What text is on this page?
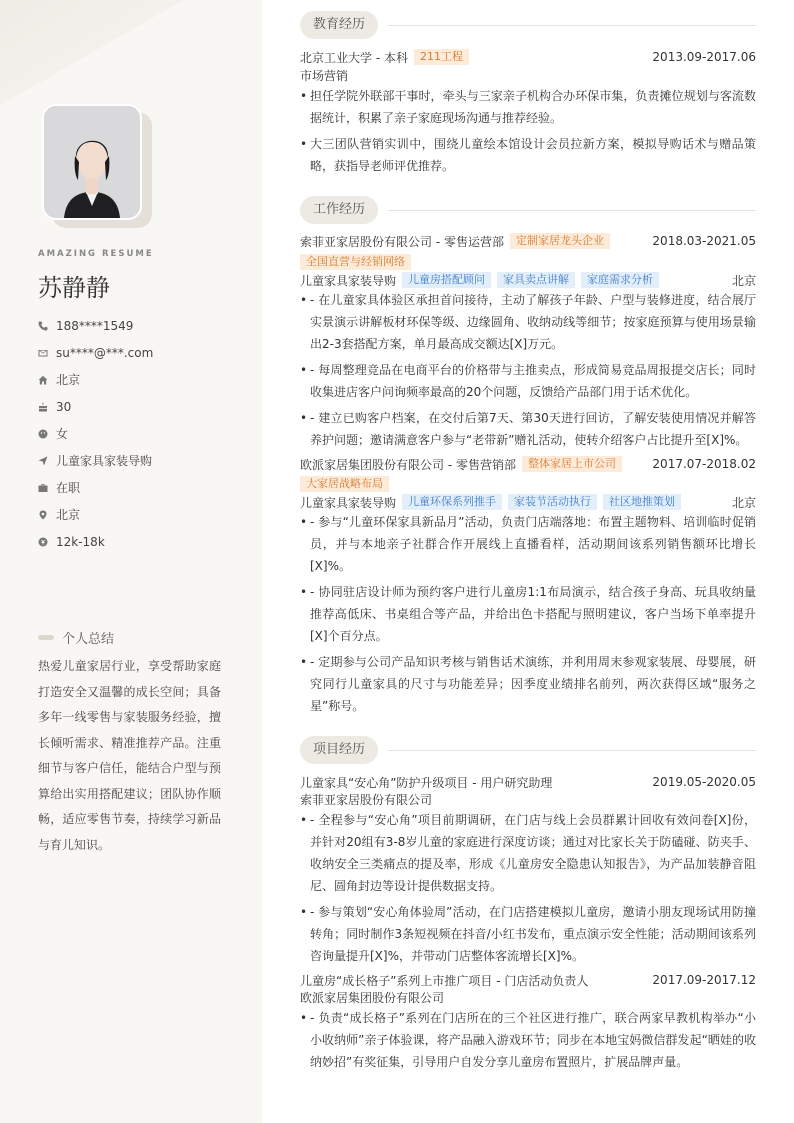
AMAZING RESUME
苏静静
188****1549
su****@***.com
北京
30
女
儿童家具家装导购
在职
北京
12k-18k
个人总结
热爱儿童家居行业，享受帮助家庭打造安全又温馨的成长空间；具备多年一线零售与家装服务经验，擅长倾听需求、精准推荐产品。注重细节与客户信任，能结合户型与预算给出实用搭配建议；团队协作顺畅，适应零售节奏，持续学习新品与育儿知识。
教育经历
北京工业大学 - 本科	211工程	2013.09-2017.06
市场营销
• 担任学院外联部干事时，牵头与三家亲子机构合办环保市集，负责摊位规划与客流数据统计，积累了亲子家庭现场沟通与推荐经验。
• 大三团队营销实训中，围绕儿童绘本馆设计会员拉新方案，模拟导购话术与赠品策略，获指导老师评优推荐。
工作经历
索菲亚家居股份有限公司 - 零售运营部	定制家居龙头企业	2018.03-2021.05
全国直营与经销网络
儿童家具家装导购	儿童房搭配顾问	家具卖点讲解	家庭需求分析	北京
• - 在儿童家具体验区承担首问接待，主动了解孩子年龄、户型与装修进度，结合展厅实景演示讲解板材环保等级、边缘圆角、收纳动线等细节；按家庭预算与使用场景输出2-3套搭配方案，单月最高成交额达[X]万元。
• - 每周整理竞品在电商平台的价格带与主推卖点，形成简易竞品周报提交店长；同时收集进店客户问询频率最高的20个问题，反馈给产品部门用于话术优化。
• - 建立已购客户档案，在交付后第7天、第30天进行回访，了解安装使用情况并解答养护问题；邀请满意客户参与“老带新”赠礼活动，使转介绍客户占比提升至[X]%。
欧派家居集团股份有限公司 - 零售营销部	整体家居上市公司	2017.07-2018.02
大家居战略布局
儿童家具家装导购	儿童环保系列推手	家装节活动执行	社区地推策划	北京
• - 参与“儿童环保家具新品月”活动，负责门店端落地：布置主题物料、培训临时促销员，并与本地亲子社群合作开展线上直播看样，活动期间该系列销售额环比增长[X]%。
• - 协同驻店设计师为预约客户进行儿童房1:1布局演示，结合孩子身高、玩具收纳量推荐高低床、书桌组合等产品，并给出色卡搭配与照明建议，客户当场下单率提升[X]个百分点。
• - 定期参与公司产品知识考核与销售话术演练，并利用周末参观家装展、母婴展，研究同行儿童家具的尺寸与功能差异；因季度业绩排名前列，两次获得区域“服务之星”称号。
项目经历
儿童家具“安心角”防护升级项目 - 用户研究助理	2019.05-2020.05
索菲亚家居股份有限公司
• - 全程参与“安心角”项目前期调研，在门店与线上会员群累计回收有效问卷[X]份，并针对20组有3-8岁儿童的家庭进行深度访谈；通过对比家长关于防磕碰、防夹手、收纳安全三类痛点的提及率，形成《儿童房安全隐患认知报告》，为产品加装静音阻尼、圆角封边等设计提供数据支持。
• - 参与策划“安心角体验周”活动，在门店搭建模拟儿童房，邀请小朋友现场试用防撞转角；同时制作3条短视频在抖音/小红书发布，重点演示安全性能；活动期间该系列咨询量提升[X]%，并带动门店整体客流增长[X]%。
儿童房“成长格子”系列上市推广项目 - 门店活动负责人	2017.09-2017.12
欧派家居集团股份有限公司
• - 负责“成长格子”系列在门店所在的三个社区进行推广，联合两家早教机构举办“小小收纳师”亲子体验课，将产品融入游戏环节；同步在本地宝妈微信群发起“晒娃的收纳妙招”有奖征集，引导用户自发分享儿童房布置照片，扩展品牌声量。
